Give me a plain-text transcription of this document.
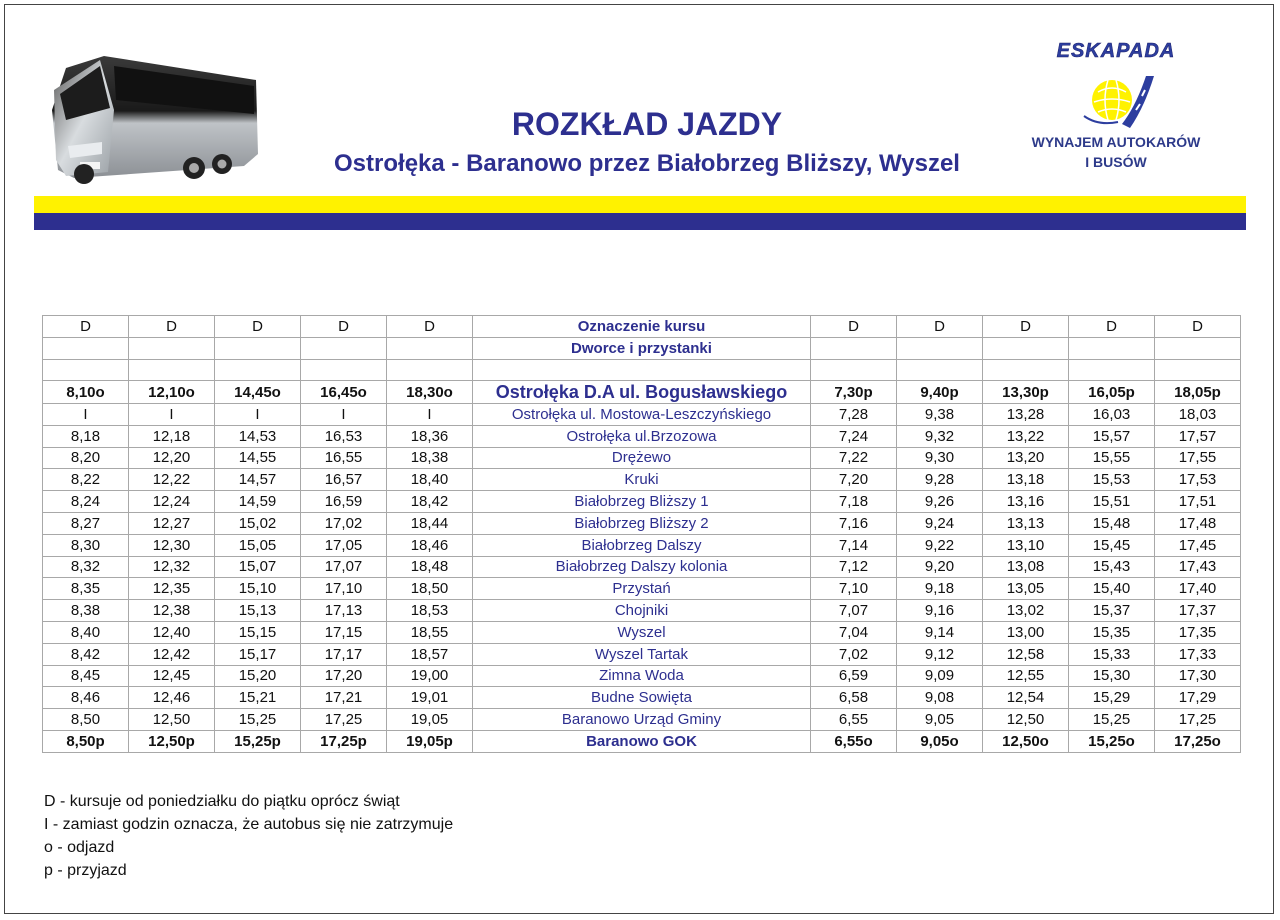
ROZKŁAD JAZDY
Ostrołęka - Baranowo przez Białobrzeg Bliższy, Wyszel
ESKAPADA
WYNAJEM AUTOKARÓW
I BUSÓW
D	D	D	D	D	Oznaczenie kursu	D	D	D	D	D
					Dworce i przystanki					

8,10o	12,10o	14,45o	16,45o	18,30o	Ostrołęka D.A ul. Bogusławskiego	7,30p	9,40p	13,30p	16,05p	18,05p
I	I	I	I	I	Ostrołęka ul. Mostowa-Leszczyńskiego	7,28	9,38	13,28	16,03	18,03
8,18	12,18	14,53	16,53	18,36	Ostrołęka ul.Brzozowa	7,24	9,32	13,22	15,57	17,57
8,20	12,20	14,55	16,55	18,38	Drężewo	7,22	9,30	13,20	15,55	17,55
8,22	12,22	14,57	16,57	18,40	Kruki	7,20	9,28	13,18	15,53	17,53
8,24	12,24	14,59	16,59	18,42	Białobrzeg Bliższy 1	7,18	9,26	13,16	15,51	17,51
8,27	12,27	15,02	17,02	18,44	Białobrzeg Bliższy 2	7,16	9,24	13,13	15,48	17,48
8,30	12,30	15,05	17,05	18,46	Białobrzeg Dalszy	7,14	9,22	13,10	15,45	17,45
8,32	12,32	15,07	17,07	18,48	Białobrzeg Dalszy kolonia	7,12	9,20	13,08	15,43	17,43
8,35	12,35	15,10	17,10	18,50	Przystań	7,10	9,18	13,05	15,40	17,40
8,38	12,38	15,13	17,13	18,53	Chojniki	7,07	9,16	13,02	15,37	17,37
8,40	12,40	15,15	17,15	18,55	Wyszel	7,04	9,14	13,00	15,35	17,35
8,42	12,42	15,17	17,17	18,57	Wyszel Tartak	7,02	9,12	12,58	15,33	17,33
8,45	12,45	15,20	17,20	19,00	Zimna Woda	6,59	9,09	12,55	15,30	17,30
8,46	12,46	15,21	17,21	19,01	Budne Sowięta	6,58	9,08	12,54	15,29	17,29
8,50	12,50	15,25	17,25	19,05	Baranowo Urząd Gminy	6,55	9,05	12,50	15,25	17,25
8,50p	12,50p	15,25p	17,25p	19,05p	Baranowo GOK	6,55o	9,05o	12,50o	15,25o	17,25o
D - kursuje od poniedziałku do piątku oprócz świąt
I - zamiast godzin oznacza, że autobus się nie zatrzymuje
o - odjazd
p - przyjazd
